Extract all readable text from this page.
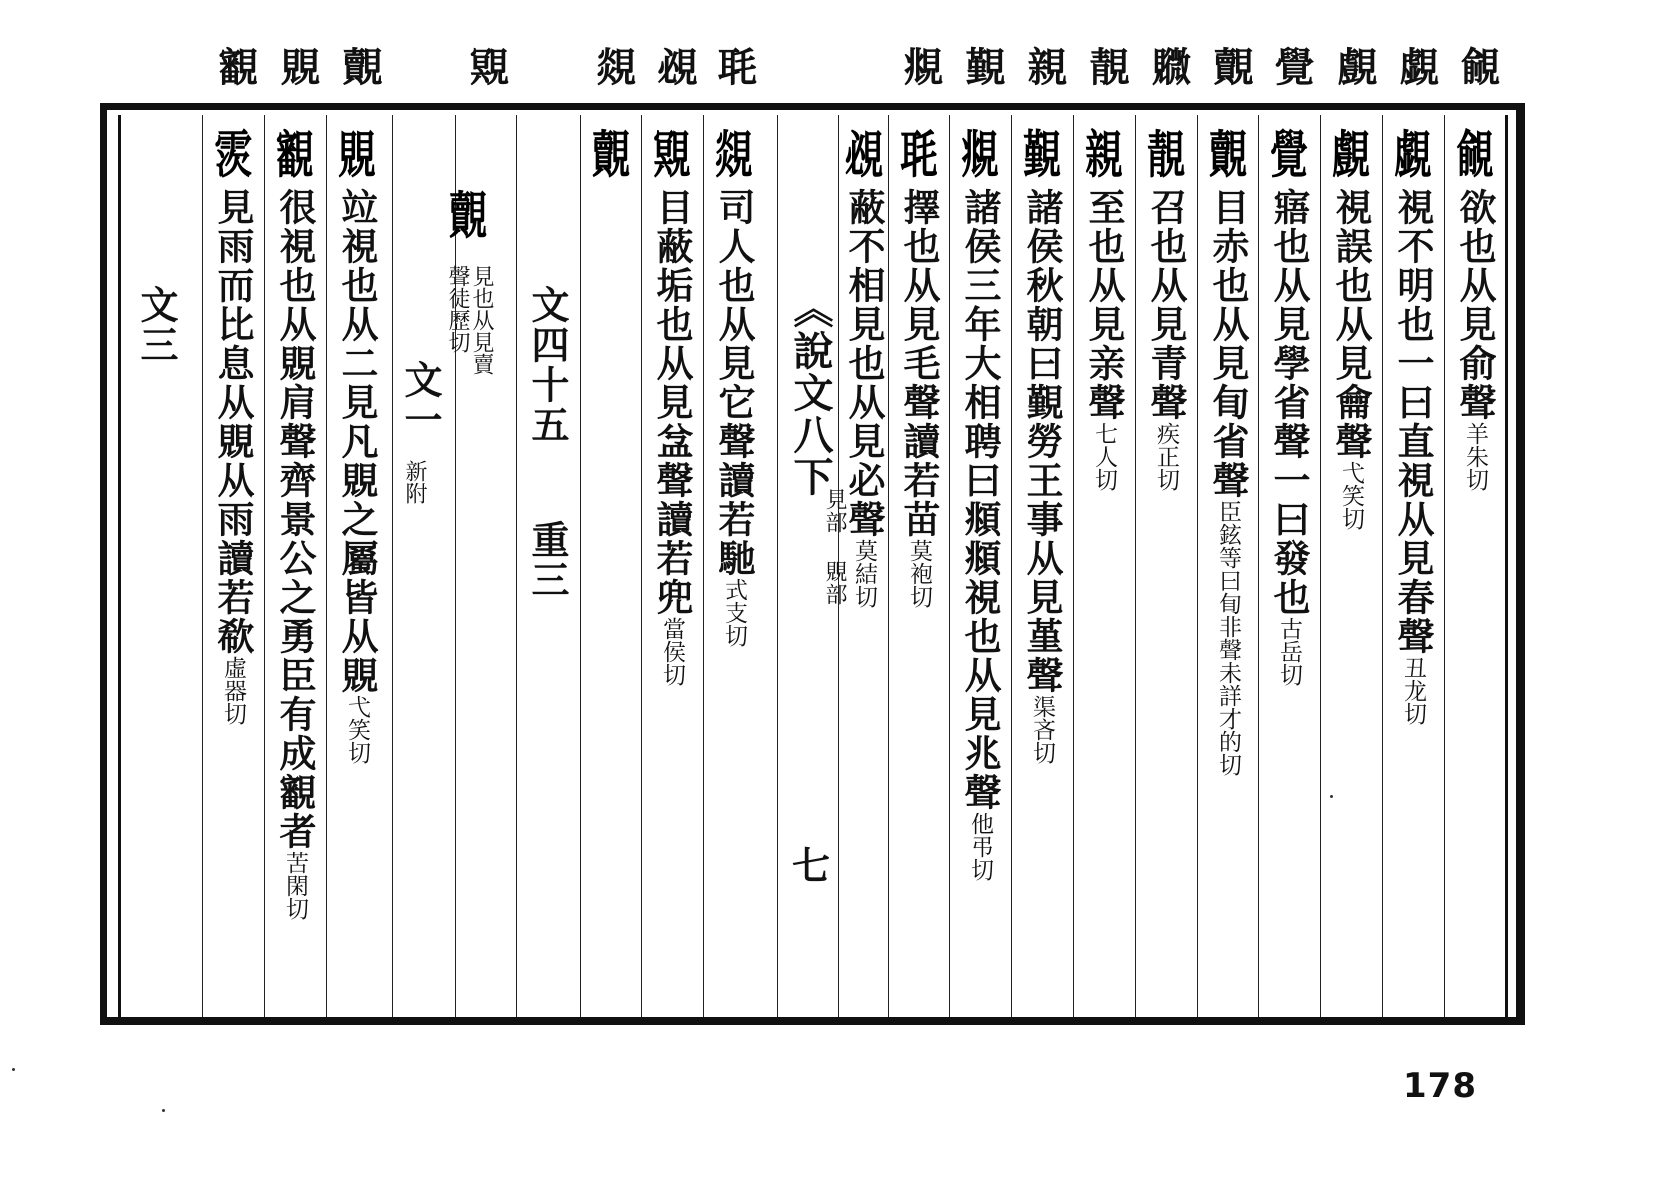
覦
覷
覻
覺
覿
覹
靚
親
覲
覜
毦
覕
覢
覭
覿
覞
覾
覦
欲也从見俞聲羊朱切
覷
視不明也一曰直視从見春聲丑龙切
覻
視誤也从見龠聲弋笑切
覺
寤也从見學省聲一曰發也古岳切
覿
目赤也从見䀏省聲臣鉉等曰䀏非聲未詳才的切
靚
召也从見青聲疾正切
親
至也从見亲聲七人切
覲
諸侯秋朝曰覲勞王事从見堇聲渠吝切
覜
諸侯三年大相聘曰頫頫視也从見兆聲他弔切
毦
擇也从見毛聲讀若苗莫袍切
覕
蔽不相見也从見必聲莫結切
《說文八下
見部 覞部
七
覢
司人也从見它聲讀若馳式支切
覭
目蔽垢也从見㿽聲讀若兜當侯切
覿
文四十五
重三
覿
見也从見賣
聲徒歷切
文一
新附
覞
竝視也从二見凡覞之屬皆从覞弋笑切
覾
很視也从覞肩聲齊景公之勇臣有成覾者苦閑切
䨏
見雨而比息从覞从雨讀若欷虛器切
文三
178
